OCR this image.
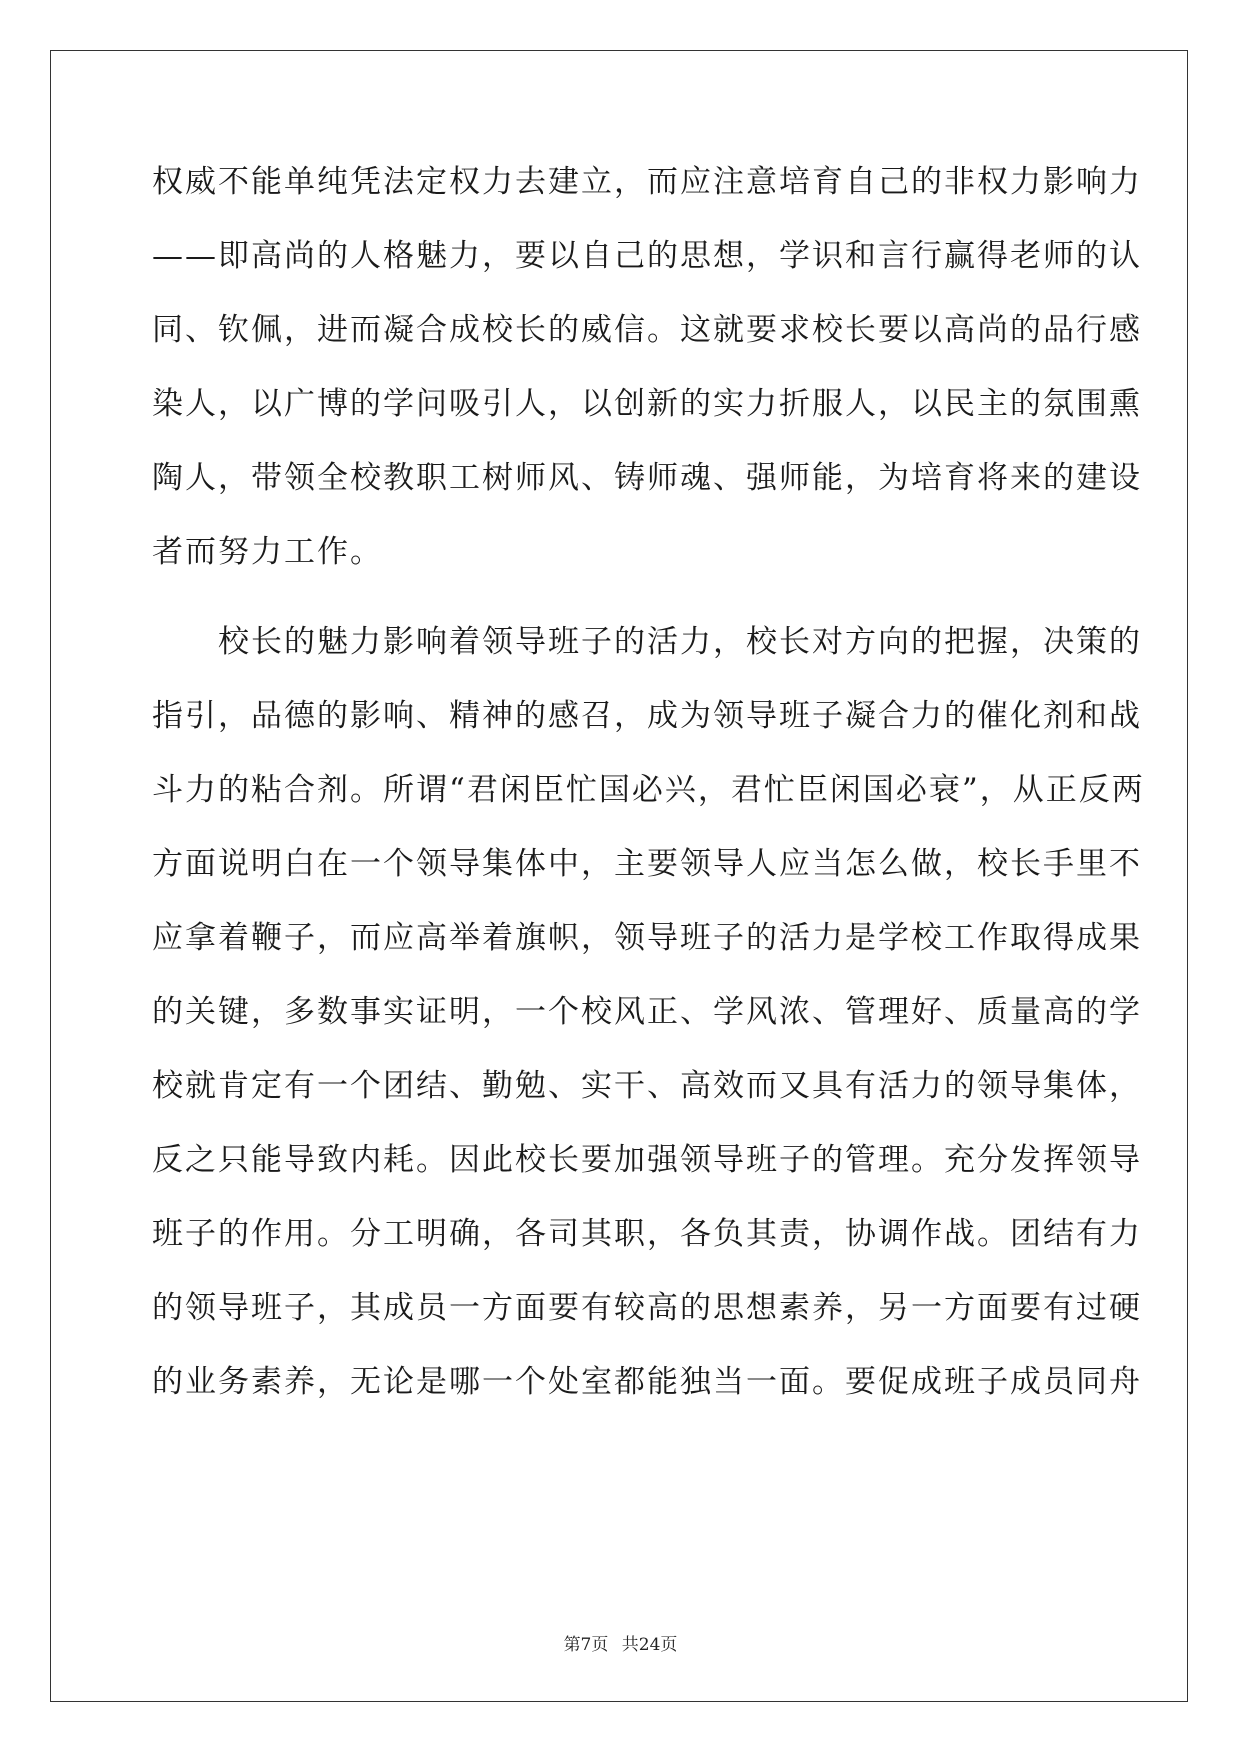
权威不能单纯凭法定权力去建立，而应注意培育自己的非权力影响力
——即高尚的人格魅力，要以自己的思想，学识和言行赢得老师的认
同、钦佩，进而凝合成校长的威信。这就要求校长要以高尚的品行感
染人，以广博的学问吸引人，以创新的实力折服人，以民主的氛围熏
陶人，带领全校教职工树师风、铸师魂、强师能，为培育将来的建设
者而努力工作。
　　校长的魅力影响着领导班子的活力，校长对方向的把握，决策的
指引，品德的影响、精神的感召，成为领导班子凝合力的催化剂和战
斗力的粘合剂。所谓“君闲臣忙国必兴，君忙臣闲国必衰”，从正反两
方面说明白在一个领导集体中，主要领导人应当怎么做，校长手里不
应拿着鞭子，而应高举着旗帜，领导班子的活力是学校工作取得成果
的关键，多数事实证明，一个校风正、学风浓、管理好、质量高的学
校就肯定有一个团结、勤勉、实干、高效而又具有活力的领导集体，
反之只能导致内耗。因此校长要加强领导班子的管理。充分发挥领导
班子的作用。分工明确，各司其职，各负其责，协调作战。团结有力
的领导班子，其成员一方面要有较高的思想素养，另一方面要有过硬
的业务素养，无论是哪一个处室都能独当一面。要促成班子成员同舟
第7页 共24页
